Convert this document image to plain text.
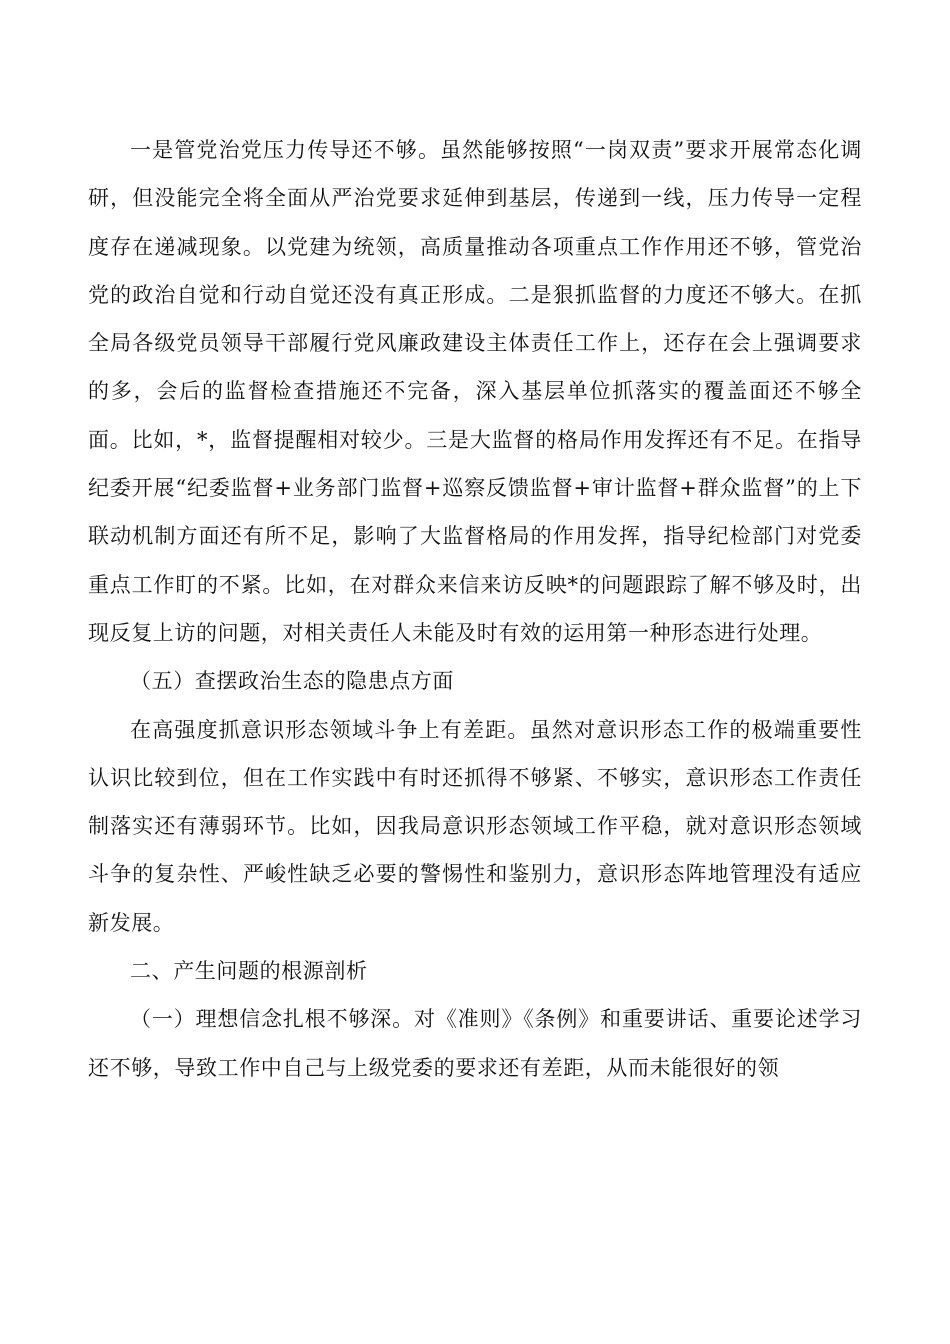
一是管党治党压力传导还不够。虽然能够按照“一岗双责”要求开展常态化调研，但没能完全将全面从严治党要求延伸到基层，传递到一线，压力传导一定程度存在递减现象。以党建为统领，高质量推动各项重点工作作用还不够，管党治党的政治自觉和行动自觉还没有真正形成。二是狠抓监督的力度还不够大。在抓全局各级党员领导干部履行党风廉政建设主体责任工作上，还存在会上强调要求的多，会后的监督检查措施还不完备，深入基层单位抓落实的覆盖面还不够全面。比如，*，监督提醒相对较少。三是大监督的格局作用发挥还有不足。在指导纪委开展“纪委监督+业务部门监督+巡察反馈监督+审计监督+群众监督”的上下联动机制方面还有所不足，影响了大监督格局的作用发挥，指导纪检部门对党委重点工作盯的不紧。比如，在对群众来信来访反映*的问题跟踪了解不够及时，出现反复上访的问题，对相关责任人未能及时有效的运用第一种形态进行处理。

（五）查摆政治生态的隐患点方面

在高强度抓意识形态领域斗争上有差距。虽然对意识形态工作的极端重要性认识比较到位，但在工作实践中有时还抓得不够紧、不够实，意识形态工作责任制落实还有薄弱环节。比如，因我局意识形态领域工作平稳，就对意识形态领域斗争的复杂性、严峻性缺乏必要的警惕性和鉴别力，意识形态阵地管理没有适应新发展。

二、产生问题的根源剖析

（一）理想信念扎根不够深。对《准则》《条例》和重要讲话、重要论述学习还不够，导致工作中自己与上级党委的要求还有差距，从而未能很好的领
